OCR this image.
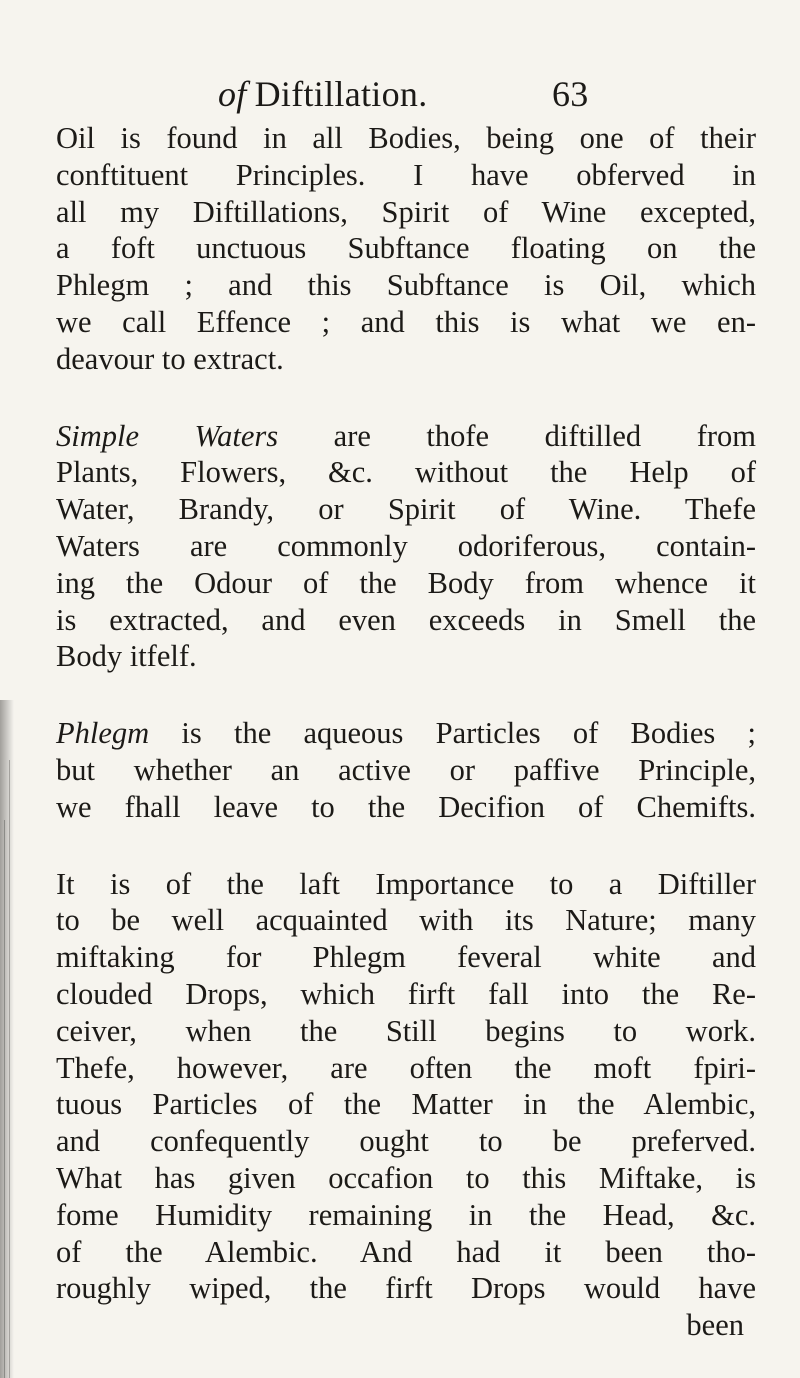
of Diftillation.	63
Oil is found in all Bodies, being one of their
conftituent Principles. I have obferved in
all my Diftillations, Spirit of Wine excepted,
a foft unctuous Subftance floating on the
Phlegm ; and this Subftance is Oil, which
we call Effence ; and this is what we en-
deavour to extract.
Simple Waters are thofe diftilled from
Plants, Flowers, &c. without the Help of
Water, Brandy, or Spirit of Wine. Thefe
Waters are commonly odoriferous, contain-
ing the Odour of the Body from whence it
is extracted, and even exceeds in Smell the
Body itfelf.
Phlegm is the aqueous Particles of Bodies ;
but whether an active or paffive Principle,
we fhall leave to the Decifion of Chemifts.
It is of the laft Importance to a Diftiller
to be well acquainted with its Nature; many
miftaking for Phlegm feveral white and
clouded Drops, which firft fall into the Re-
ceiver, when the Still begins to work.
Thefe, however, are often the moft fpiri-
tuous Particles of the Matter in the Alembic,
and confequently ought to be preferved.
What has given occafion to this Miftake, is
fome Humidity remaining in the Head, &c.
of the Alembic. And had it been tho-
roughly wiped, the firft Drops would have
been
